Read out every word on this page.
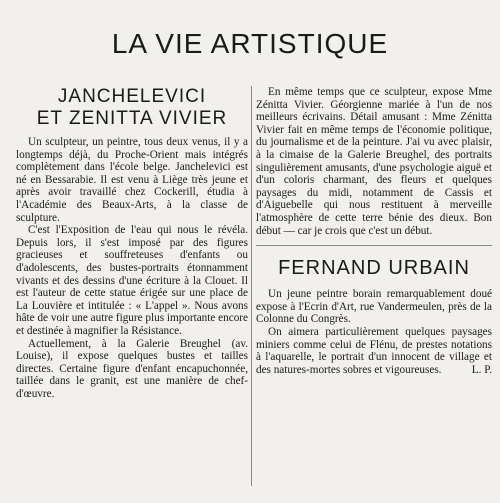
LA VIE ARTISTIQUE
JANCHELEVICI
ET ZENITTA VIVIER

Un sculpteur, un peintre, tous deux venus, il y a longtemps déjà, du Proche-Orient mais intégrés complètement dans l'école belge. Janchelevici est né en Bessarabie. Il est venu à Liège très jeune et après avoir travaillé chez Cockerill, étudia à l'Académie des Beaux-Arts, à la classe de sculpture.

C'est l'Exposition de l'eau qui nous le révéla. Depuis lors, il s'est imposé par des figures gracieuses et souffreteuses d'enfants ou d'adolescents, des bustes-portraits étonnamment vivants et des dessins d'une écriture à la Clouet. Il est l'auteur de cette statue érigée sur une place de La Louvière et intitulée : « L'appel ». Nous avons hâte de voir une autre figure plus importante encore et destinée à magnifier la Résistance.

Actuellement, à la Galerie Breughel (av. Louise), il expose quelques bustes et tailles directes. Certaine figure d'enfant encapuchonnée, taillée dans le granit, est une manière de chef-d'œuvre.

En même temps que ce sculpteur, expose Mme Zénitta Vivier. Géorgienne mariée à l'un de nos meilleurs écrivains. Détail amusant : Mme Zénitta Vivier fait en même temps de l'économie politique, du journalisme et de la peinture. J'ai vu avec plaisir, à la cimaise de la Galerie Breughel, des portraits singulièrement amusants, d'une psychologie aiguë et d'un coloris charmant, des fleurs et quelques paysages du midi, notamment de Cassis et d'Aiguebelle qui nous restituent à merveille l'atmosphère de cette terre bénie des dieux. Bon début — car je crois que c'est un début.

FERNAND URBAIN

Un jeune peintre borain remarquablement doué expose à l'Ecrin d'Art, rue Vandermeulen, près de la Colonne du Congrès.

On aimera particulièrement quelques paysages miniers comme celui de Flénu, de prestes notations à l'aquarelle, le portrait d'un innocent de village et des natures-mortes sobres et vigoureuses.	L. P.
